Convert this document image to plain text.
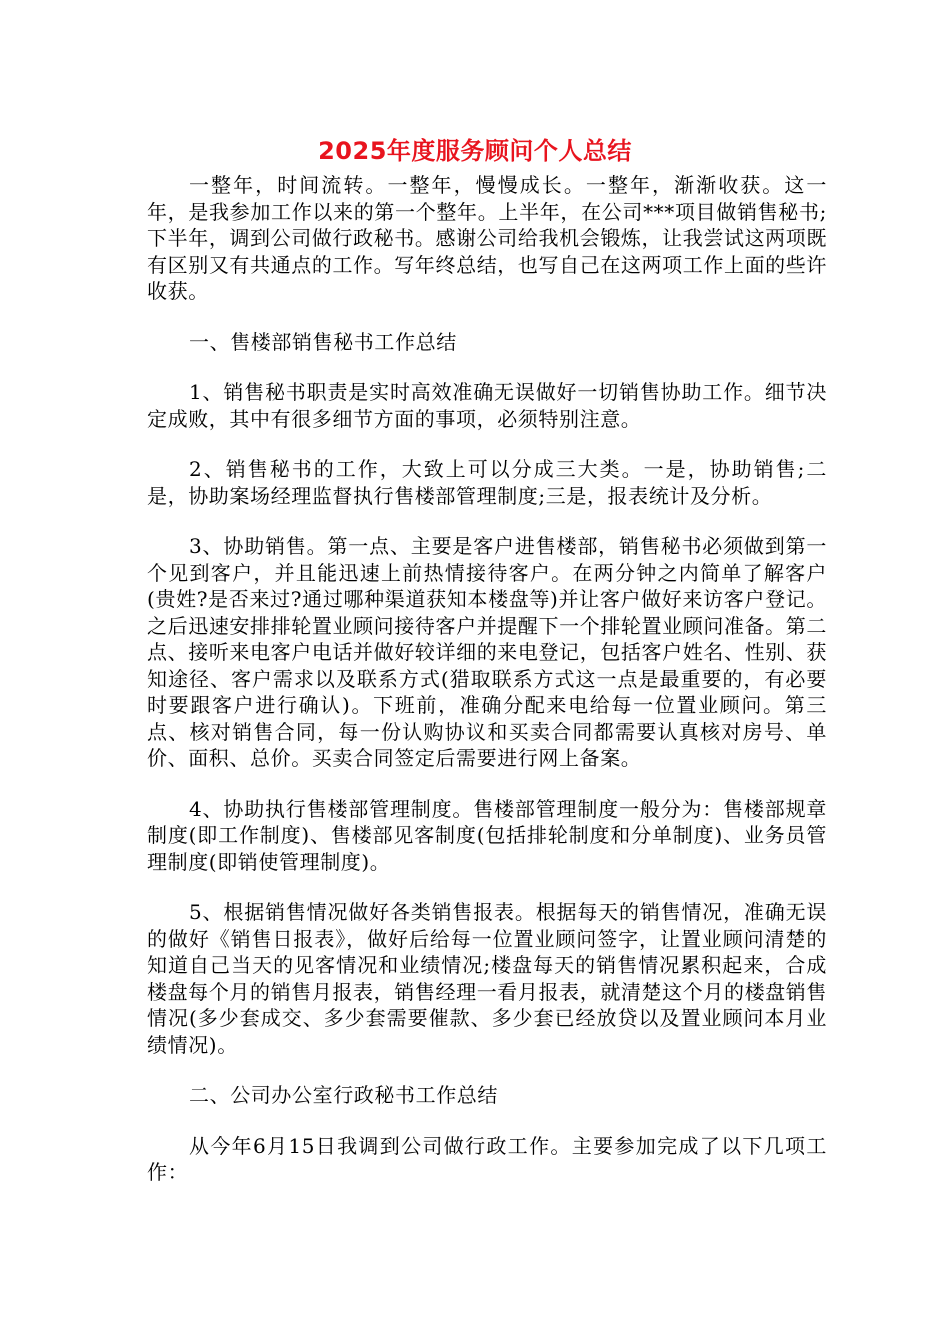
2025年度服务顾问个人总结

一整年，时间流转。一整年，慢慢成长。一整年，渐渐收获。这一年，是我参加工作以来的第一个整年。上半年，在公司***项目做销售秘书;下半年，调到公司做行政秘书。感谢公司给我机会锻炼，让我尝试这两项既有区别又有共通点的工作。写年终总结，也写自己在这两项工作上面的些许收获。

一、售楼部销售秘书工作总结

1、销售秘书职责是实时高效准确无误做好一切销售协助工作。细节决定成败，其中有很多细节方面的事项，必须特别注意。

2、销售秘书的工作，大致上可以分成三大类。一是，协助销售;二是，协助案场经理监督执行售楼部管理制度;三是，报表统计及分析。

3、协助销售。第一点、主要是客户进售楼部，销售秘书必须做到第一个见到客户，并且能迅速上前热情接待客户。在两分钟之内简单了解客户(贵姓?是否来过?通过哪种渠道获知本楼盘等)并让客户做好来访客户登记。之后迅速安排排轮置业顾问接待客户并提醒下一个排轮置业顾问准备。第二点、接听来电客户电话并做好较详细的来电登记，包括客户姓名、性别、获知途径、客户需求以及联系方式(猎取联系方式这一点是最重要的，有必要时要跟客户进行确认)。下班前，准确分配来电给每一位置业顾问。第三点、核对销售合同，每一份认购协议和买卖合同都需要认真核对房号、单价、面积、总价。买卖合同签定后需要进行网上备案。

4、协助执行售楼部管理制度。售楼部管理制度一般分为：售楼部规章制度(即工作制度)、售楼部见客制度(包括排轮制度和分单制度)、业务员管理制度(即销使管理制度)。

5、根据销售情况做好各类销售报表。根据每天的销售情况，准确无误的做好《销售日报表》，做好后给每一位置业顾问签字，让置业顾问清楚的知道自己当天的见客情况和业绩情况;楼盘每天的销售情况累积起来，合成楼盘每个月的销售月报表，销售经理一看月报表，就清楚这个月的楼盘销售情况(多少套成交、多少套需要催款、多少套已经放贷以及置业顾问本月业绩情况)。

二、公司办公室行政秘书工作总结

从今年6月15日我调到公司做行政工作。主要参加完成了以下几项工作：
